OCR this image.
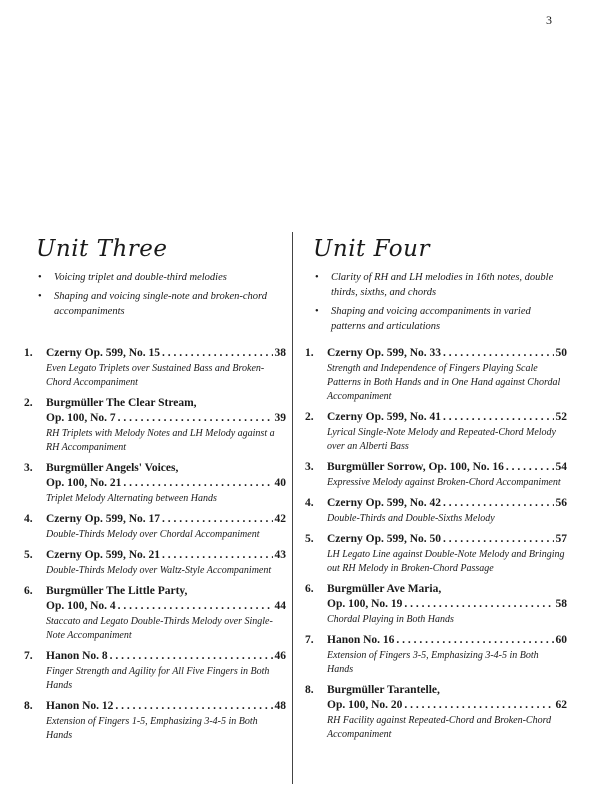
3
Unit Three
• Voicing triplet and double-third melodies
• Shaping and voicing single-note and broken-chord accompaniments
1. Czerny Op. 599, No. 15 . . .	38
Even Legato Triplets over Sustained Bass and Broken-Chord Accompaniment
2. Burgmüller The Clear Stream,
Op. 100, No. 7 . . .	39
RH Triplets with Melody Notes and LH Melody against a RH Accompaniment
3. Burgmüller Angels' Voices,
Op. 100, No. 21 . . .	40
Triplet Melody Alternating between Hands
4. Czerny Op. 599, No. 17 . . .	42
Double-Thirds Melody over Chordal Accompaniment
5. Czerny Op. 599, No. 21 . . .	43
Double-Thirds Melody over Waltz-Style Accompaniment
6. Burgmüller The Little Party,
Op. 100, No. 4 . . .	44
Staccato and Legato Double-Thirds Melody over Single-Note Accompaniment
7. Hanon No. 8 . . .	46
Finger Strength and Agility for All Five Fingers in Both Hands
8. Hanon No. 12 . . .	48
Extension of Fingers 1-5, Emphasizing 3-4-5 in Both Hands
Unit Four
• Clarity of RH and LH melodies in 16th notes, double thirds, sixths, and chords
• Shaping and voicing accompaniments in varied patterns and articulations
1. Czerny Op. 599, No. 33 . . .	50
Strength and Independence of Fingers Playing Scale Patterns in Both Hands and in One Hand against Chordal Accompaniment
2. Czerny Op. 599, No. 41 . . .	52
Lyrical Single-Note Melody and Repeated-Chord Melody over an Alberti Bass
3. Burgmüller Sorrow, Op. 100, No. 16 . . .	54
Expressive Melody against Broken-Chord Accompaniment
4. Czerny Op. 599, No. 42 . . .	56
Double-Thirds and Double-Sixths Melody
5. Czerny Op. 599, No. 50 . . .	57
LH Legato Line against Double-Note Melody and Bringing out RH Melody in Broken-Chord Passage
6. Burgmüller Ave Maria,
Op. 100, No. 19 . . .	58
Chordal Playing in Both Hands
7. Hanon No. 16 . . .	60
Extension of Fingers 3-5, Emphasizing 3-4-5 in Both Hands
8. Burgmüller Tarantelle,
Op. 100, No. 20 . . .	62
RH Facility against Repeated-Chord and Broken-Chord Accompaniment
